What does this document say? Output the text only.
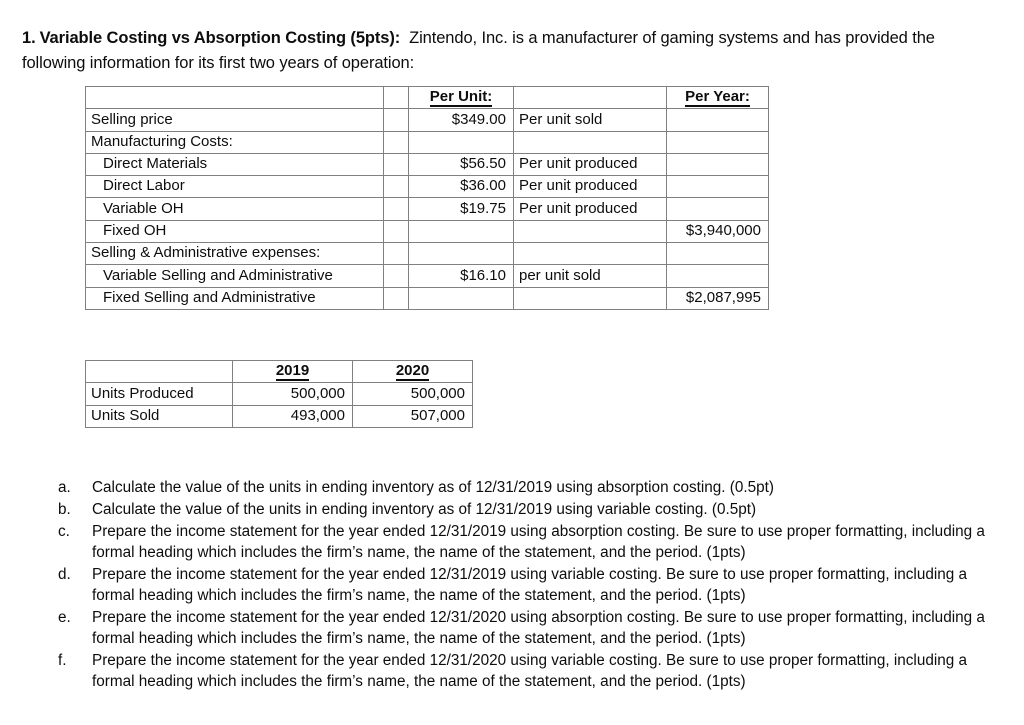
1. Variable Costing vs Absorption Costing (5pts): Zintendo, Inc. is a manufacturer of gaming systems and has provided the following information for its first two years of operation:

		Per Unit:		Per Year:
Selling price		$349.00	Per unit sold	
Manufacturing Costs:				
Direct Materials		$56.50	Per unit produced	
Direct Labor		$36.00	Per unit produced	
Variable OH		$19.75	Per unit produced	
Fixed OH				$3,940,000
Selling & Administrative expenses:				
Variable Selling and Administrative		$16.10	per unit sold	
Fixed Selling and Administrative				$2,087,995
	2019	2020
Units Produced	500,000	500,000
Units Sold	493,000	507,000
a.	Calculate the value of the units in ending inventory as of 12/31/2019 using absorption costing. (0.5pt)
b.	Calculate the value of the units in ending inventory as of 12/31/2019 using variable costing. (0.5pt)
c.	Prepare the income statement for the year ended 12/31/2019 using absorption costing. Be sure to use proper formatting, including a formal heading which includes the firm’s name, the name of the statement, and the period. (1pts)
d.	Prepare the income statement for the year ended 12/31/2019 using variable costing. Be sure to use proper formatting, including a formal heading which includes the firm’s name, the name of the statement, and the period. (1pts)
e.	Prepare the income statement for the year ended 12/31/2020 using absorption costing. Be sure to use proper formatting, including a formal heading which includes the firm’s name, the name of the statement, and the period. (1pts)
f.	Prepare the income statement for the year ended 12/31/2020 using variable costing. Be sure to use proper formatting, including a formal heading which includes the firm’s name, the name of the statement, and the period. (1pts)
